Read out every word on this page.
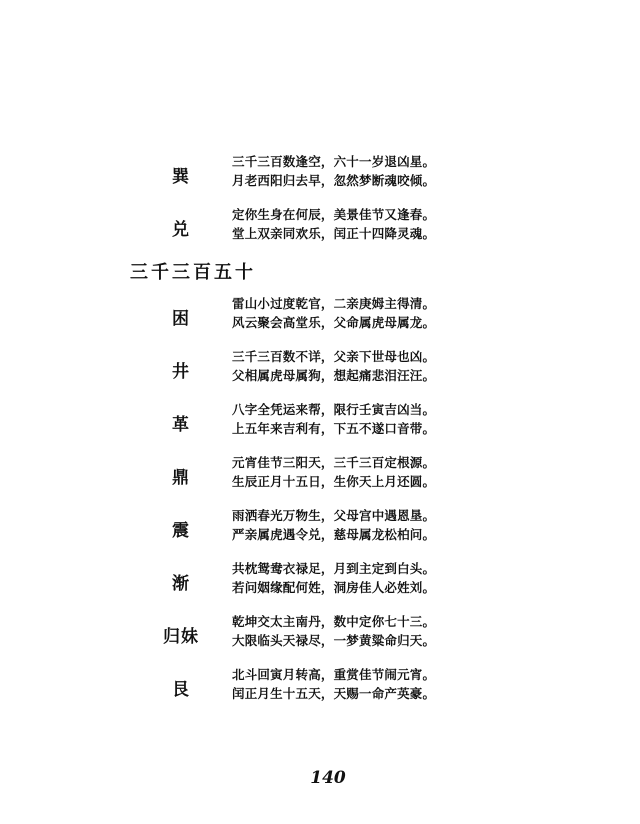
巽
三千三百数逢空，六十一岁退凶星。
月老西阳归去早，忽然梦断魂咬倾。
兑
定你生身在何辰，美景佳节又逢春。
堂上双亲同欢乐，闰正十四降灵魂。
三千三百五十
困
雷山小过度乾官，二亲庚姆主得清。
风云聚会高堂乐，父命属虎母属龙。
井
三千三百数不详，父亲下世母也凶。
父相属虎母属狗，想起痛悲泪汪汪。
革
八字全凭运来帮，限行壬寅吉凶当。
上五年来吉利有，下五不遂口音带。
鼎
元宵佳节三阳天，三千三百定根源。
生辰正月十五日，生你天上月还圆。
震
雨洒春光万物生，父母宫中遇恩垦。
严亲属虎遇令兑，慈母属龙松柏问。
渐
共枕鸳鸯衣禄足，月到主定到白头。
若问姻缘配何姓，洞房佳人必姓刘。
归妹
乾坤交太主南丹，数中定你七十三。
大限临头天禄尽，一梦黄粱命归天。
艮
北斗回寅月转高，重赏佳节闹元宵。
闰正月生十五天，天赐一命产英豪。
140
